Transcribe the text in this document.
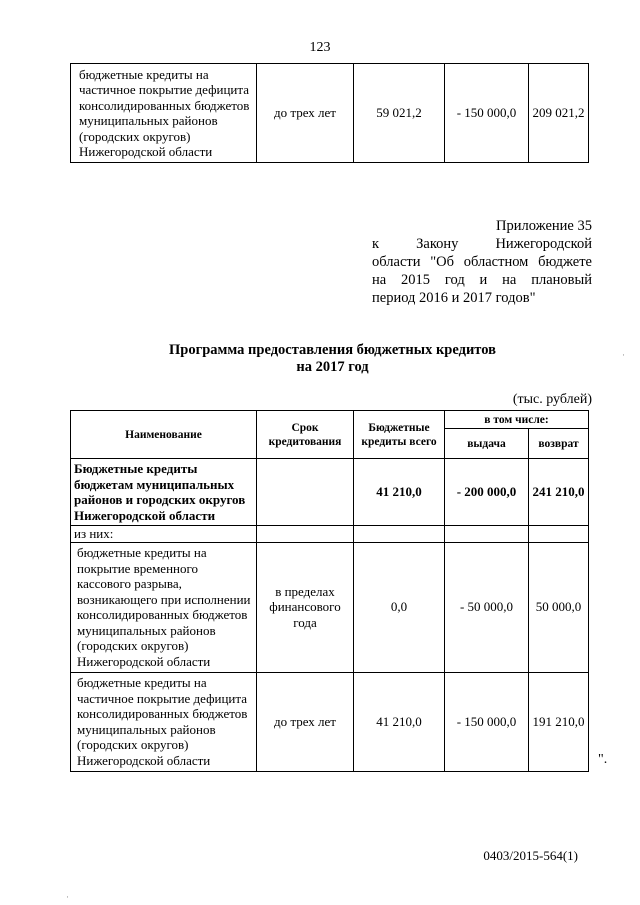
123
бюджетные кредиты на частичное покрытие дефицита консолидированных бюджетов муниципальных районов (городских округов) Нижегородской области	до трех лет	59 021,2	- 150 000,0	209 021,2
Приложение 35
к Закону Нижегородской
области "Об областном бюджете
на 2015 год и на плановый
период 2016 и 2017 годов"
Программа предоставления бюджетных кредитов
на 2017 год
(тыс. рублей)
Наименование	Срок кредитования	Бюджетные кредиты всего	в том числе:	
			выдача	возврат
Бюджетные кредиты бюджетам муниципальных районов и городских округов Нижегородской области		41 210,0	- 200 000,0	241 210,0
из них:				
бюджетные кредиты на покрытие временного кассового разрыва, возникающего при исполнении консолидированных бюджетов муниципальных районов (городских округов) Нижегородской области	в пределах финансового года	0,0	- 50 000,0	50 000,0
бюджетные кредиты на частичное покрытие дефицита консолидированных бюджетов муниципальных районов (городских округов) Нижегородской области	до трех лет	41 210,0	- 150 000,0	191 210,0
".
0403/2015-564(1)
·
·
